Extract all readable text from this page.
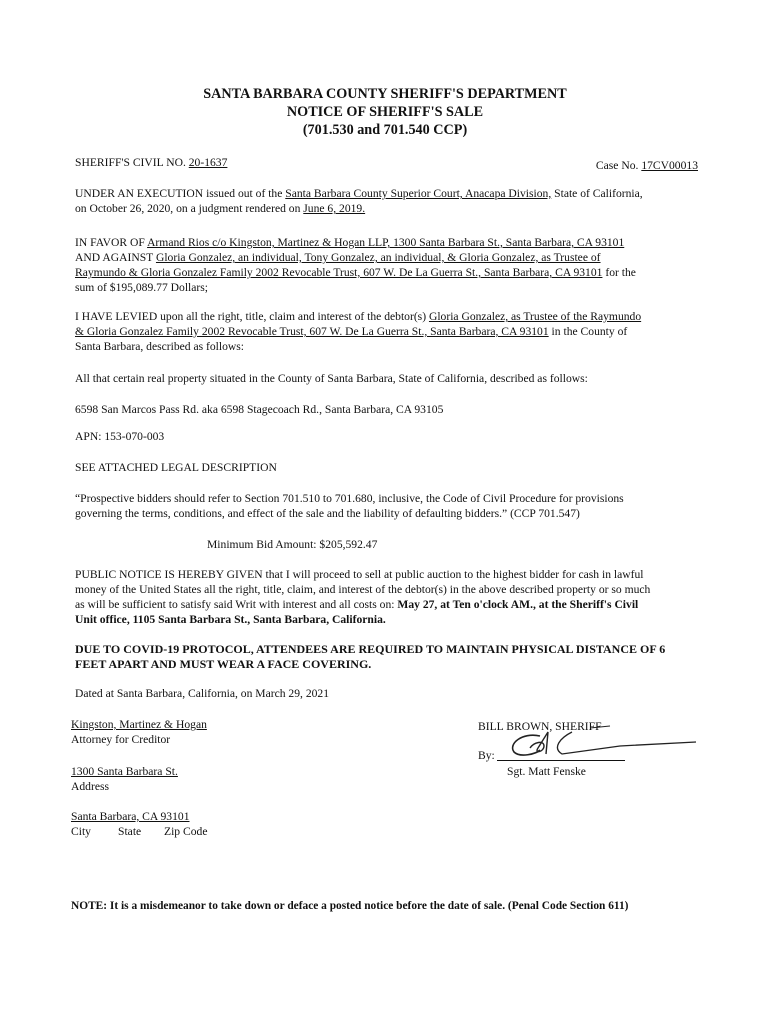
SANTA BARBARA COUNTY SHERIFF'S DEPARTMENT
NOTICE OF SHERIFF'S SALE
(701.530 and 701.540 CCP)
SHERIFF'S CIVIL NO. 20-1637	Case No. 17CV00013
UNDER AN EXECUTION issued out of the Santa Barbara County Superior Court, Anacapa Division, State of California,
on October 26, 2020, on a judgment rendered on June 6, 2019.
IN FAVOR OF Armand Rios c/o Kingston, Martinez & Hogan LLP, 1300 Santa Barbara St., Santa Barbara, CA 93101
AND AGAINST Gloria Gonzalez, an individual, Tony Gonzalez, an individual, & Gloria Gonzalez, as Trustee of
Raymundo & Gloria Gonzalez Family 2002 Revocable Trust, 607 W. De La Guerra St., Santa Barbara, CA 93101 for the
sum of $195,089.77 Dollars;
I HAVE LEVIED upon all the right, title, claim and interest of the debtor(s) Gloria Gonzalez, as Trustee of the Raymundo
& Gloria Gonzalez Family 2002 Revocable Trust, 607 W. De La Guerra St., Santa Barbara, CA 93101 in the County of
Santa Barbara, described as follows:
All that certain real property situated in the County of Santa Barbara, State of California, described as follows:
6598 San Marcos Pass Rd. aka 6598 Stagecoach Rd., Santa Barbara, CA 93105
APN: 153-070-003
SEE ATTACHED LEGAL DESCRIPTION
“Prospective bidders should refer to Section 701.510 to 701.680, inclusive, the Code of Civil Procedure for provisions
governing the terms, conditions, and effect of the sale and the liability of defaulting bidders.” (CCP 701.547)
Minimum Bid Amount: $205,592.47
PUBLIC NOTICE IS HEREBY GIVEN that I will proceed to sell at public auction to the highest bidder for cash in lawful
money of the United States all the right, title, claim, and interest of the debtor(s) in the above described property or so much
as will be sufficient to satisfy said Writ with interest and all costs on: May 27, at Ten o'clock AM., at the Sheriff's Civil
Unit office, 1105 Santa Barbara St., Santa Barbara, California.
DUE TO COVID-19 PROTOCOL, ATTENDEES ARE REQUIRED TO MAINTAIN PHYSICAL DISTANCE OF 6
FEET APART AND MUST WEAR A FACE COVERING.
Dated at Santa Barbara, California, on March 29, 2021
Kingston, Martinez & Hogan
Attorney for Creditor
1300 Santa Barbara St.
Address
Santa Barbara, CA 93101
City State Zip Code
BILL BROWN, SHERIFF
By:
Sgt. Matt Fenske
NOTE: It is a misdemeanor to take down or deface a posted notice before the date of sale. (Penal Code Section 611)
